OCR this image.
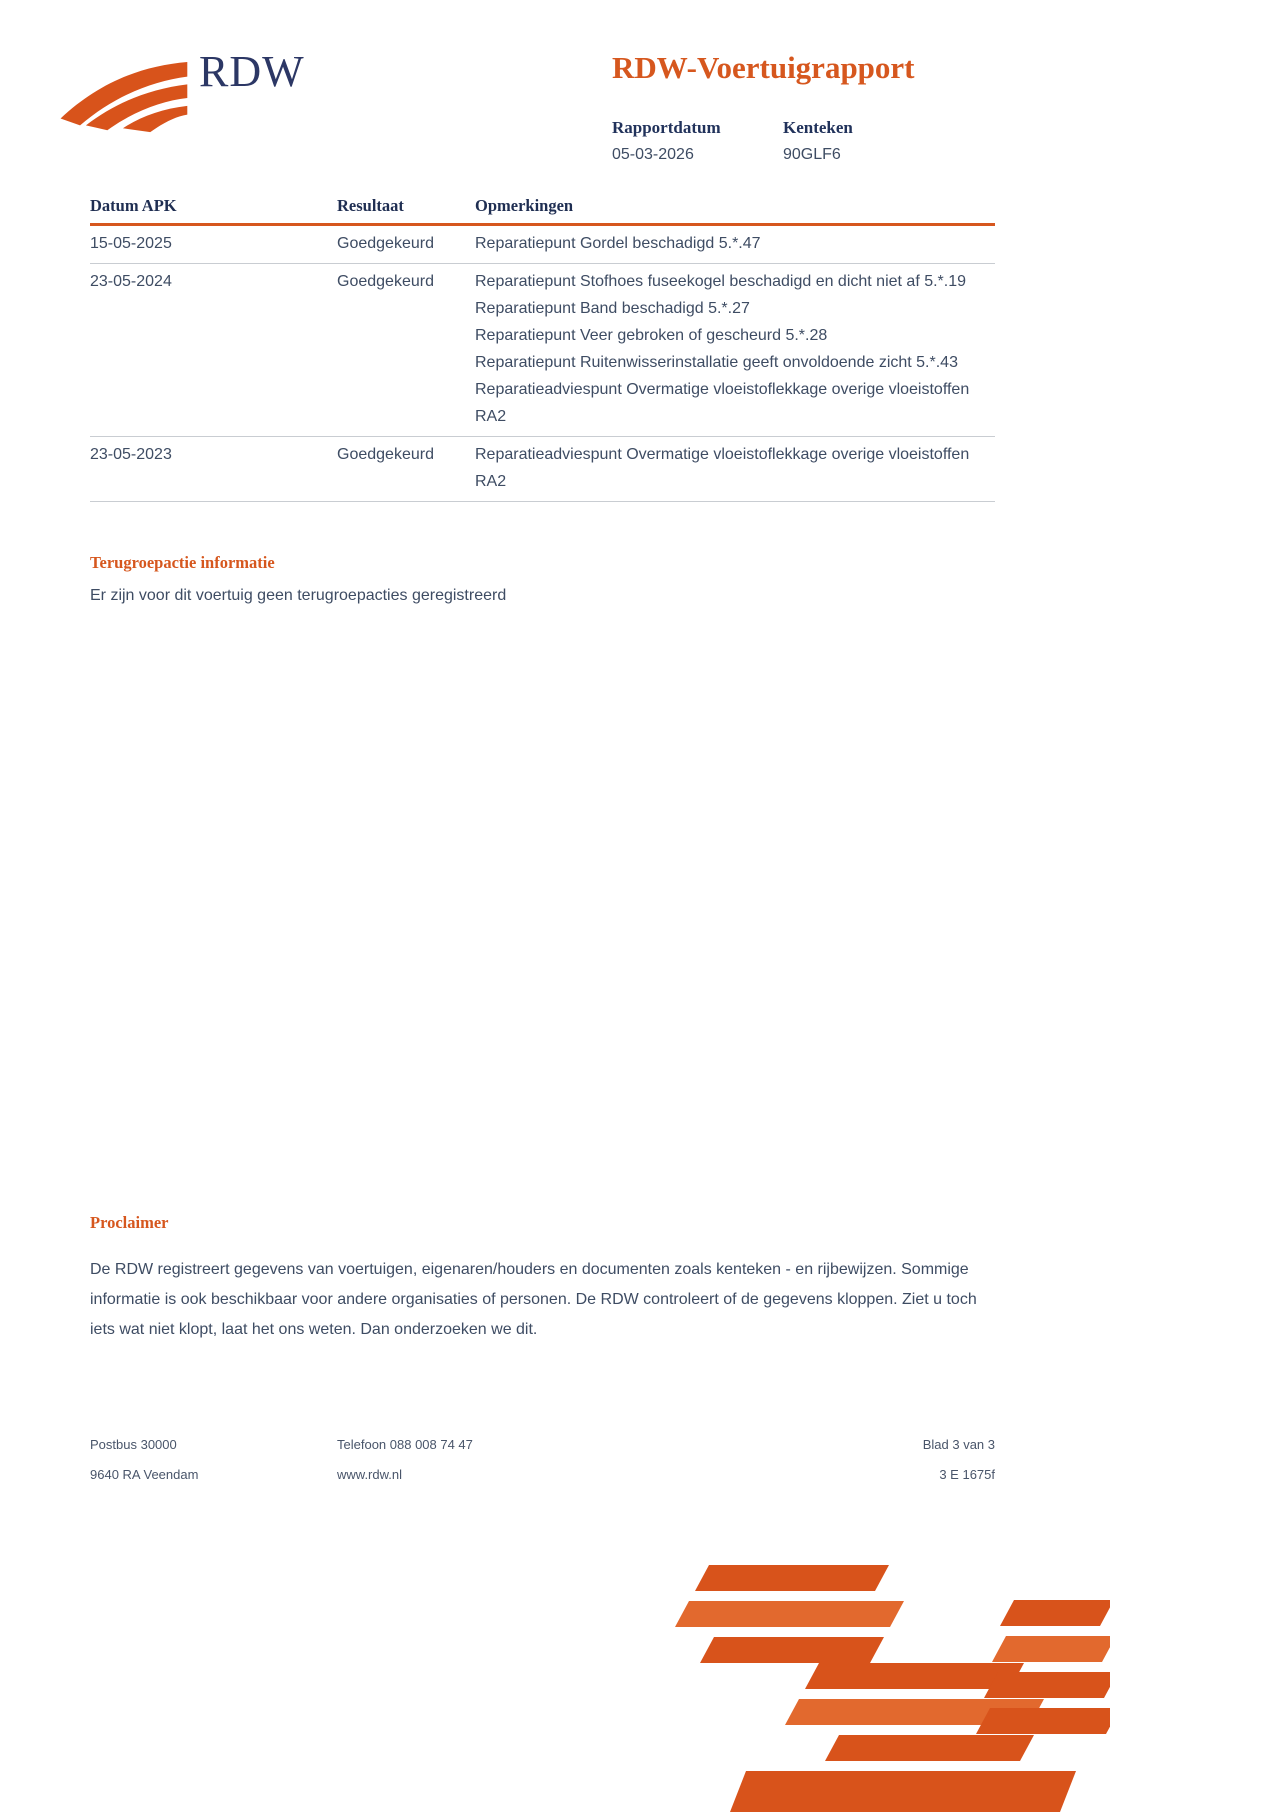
RDW	RDW-Voertuigrapport
Rapportdatum
05-03-2026
Kenteken
90GLF6
Datum APK	Resultaat	Opmerkingen
15-05-2025	Goedgekeurd	Reparatiepunt Gordel beschadigd 5.*.47
23-05-2024	Goedgekeurd	Reparatiepunt Stofhoes fuseekogel beschadigd en dicht niet af 5.*.19
Reparatiepunt Band beschadigd 5.*.27
Reparatiepunt Veer gebroken of gescheurd 5.*.28
Reparatiepunt Ruitenwisserinstallatie geeft onvoldoende zicht 5.*.43
Reparatieadviespunt Overmatige vloeistoflekkage overige vloeistoffen RA2
23-05-2023	Goedgekeurd	Reparatieadviespunt Overmatige vloeistoflekkage overige vloeistoffen RA2
Terugroepactie informatie

Er zijn voor dit voertuig geen terugroepacties geregistreerd

Proclaimer

De RDW registreert gegevens van voertuigen, eigenaren/houders en documenten zoals kenteken - en rijbewijzen. Sommige informatie is ook beschikbaar voor andere organisaties of personen. De RDW controleert of de gegevens kloppen. Ziet u toch iets wat niet klopt, laat het ons weten. Dan onderzoeken we dit.

Postbus 30000
9640 RA Veendam
Telefoon 088 008 74 47
www.rdw.nl
Blad 3 van 3
3 E 1675f
